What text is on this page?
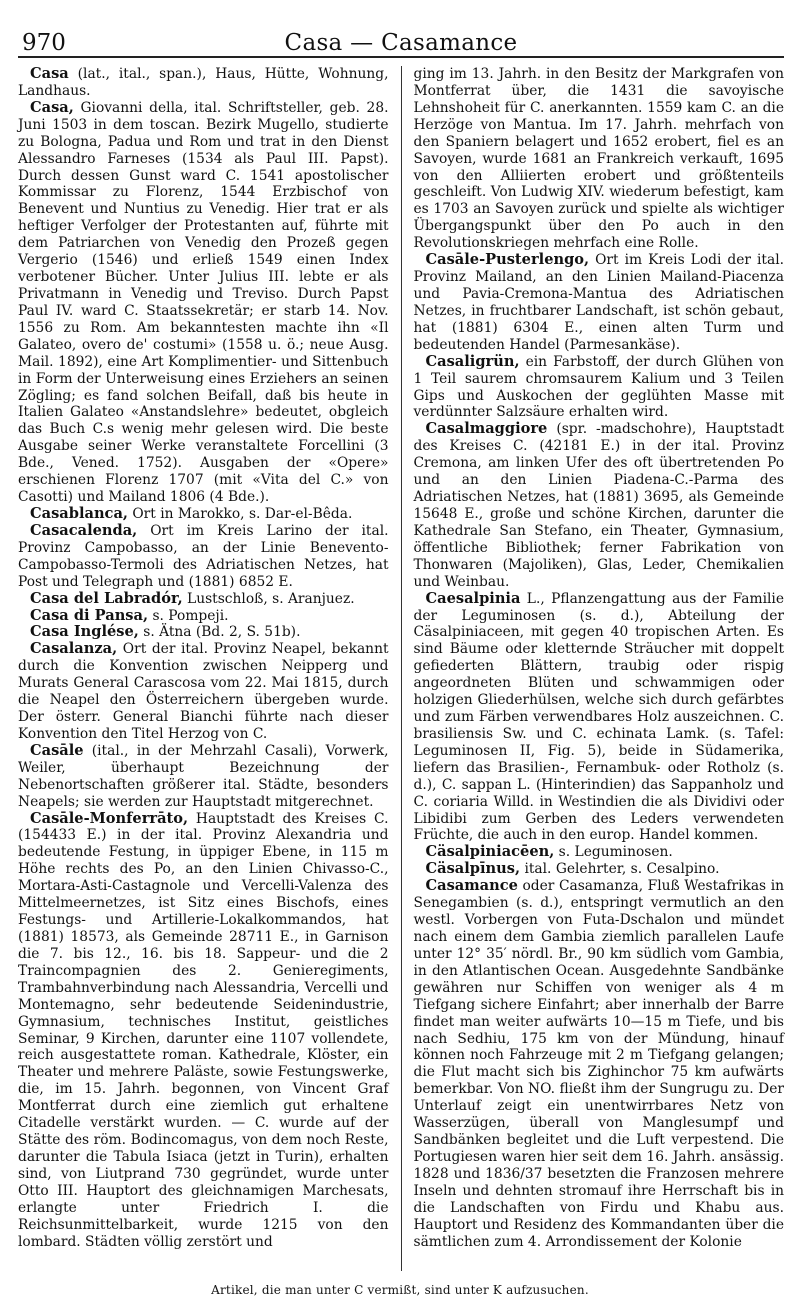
970	Casa — Casamance

Casa (lat., ital., span.), Haus, Hütte, Wohnung, Landhaus.

Casa, Giovanni della, ital. Schriftsteller, geb. 28. Juni 1503 in dem toscan. Bezirk Mugello, studierte zu Bologna, Padua und Rom und trat in den Dienst Alessandro Farneses (1534 als Paul III. Papst). Durch dessen Gunst ward C. 1541 apostolischer Kommissar zu Florenz, 1544 Erzbischof von Benevent und Nuntius zu Venedig. Hier trat er als heftiger Verfolger der Protestanten auf, führte mit dem Patriarchen von Venedig den Prozeß gegen Vergerio (1546) und erließ 1549 einen Index verbotener Bücher. Unter Julius III. lebte er als Privatmann in Venedig und Treviso. Durch Papst Paul IV. ward C. Staatssekretär; er starb 14. Nov. 1556 zu Rom. Am bekanntesten machte ihn «Il Galateo, overo de' costumi» (1558 u. ö.; neue Ausg. Mail. 1892), eine Art Komplimentier- und Sittenbuch in Form der Unterweisung eines Erziehers an seinen Zögling; es fand solchen Beifall, daß bis heute in Italien Galateo «Anstandslehre» bedeutet, obgleich das Buch C.s wenig mehr gelesen wird. Die beste Ausgabe seiner Werke veranstaltete Forcellini (3 Bde., Vened. 1752). Ausgaben der «Opere» erschienen Florenz 1707 (mit «Vita del C.» von Casotti) und Mailand 1806 (4 Bde.).

Casablanca, Ort in Marokko, s. Dar-el-Bêda.

Casacalenda, Ort im Kreis Larino der ital. Provinz Campobasso, an der Linie Benevento-Campobasso-Termoli des Adriatischen Netzes, hat Post und Telegraph und (1881) 6852 E.

Casa del Labradór, Lustschloß, s. Aranjuez.

Casa di Pansa, s. Pompeji.

Casa Inglése, s. Ätna (Bd. 2, S. 51b).

Casalanza, Ort der ital. Provinz Neapel, bekannt durch die Konvention zwischen Neipperg und Murats General Carascosa vom 22. Mai 1815, durch die Neapel den Österreichern übergeben wurde. Der österr. General Bianchi führte nach dieser Konvention den Titel Herzog von C.

Casāle (ital., in der Mehrzahl Casali), Vorwerk, Weiler, überhaupt Bezeichnung der Nebenortschaften größerer ital. Städte, besonders Neapels; sie werden zur Hauptstadt mitgerechnet.

Casāle-Monferrāto, Hauptstadt des Kreises C. (154433 E.) in der ital. Provinz Alexandria und bedeutende Festung, in üppiger Ebene, in 115 m Höhe rechts des Po, an den Linien Chivasso-C., Mortara-Asti-Castagnole und Vercelli-Valenza des Mittelmeernetzes, ist Sitz eines Bischofs, eines Festungs- und Artillerie-Lokalkommandos, hat (1881) 18573, als Gemeinde 28711 E., in Garnison die 7. bis 12., 16. bis 18. Sappeur- und die 2 Traincompagnien des 2. Genieregiments, Trambahnverbindung nach Alessandria, Vercelli und Montemagno, sehr bedeutende Seidenindustrie, Gymnasium, technisches Institut, geistliches Seminar, 9 Kirchen, darunter eine 1107 vollendete, reich ausgestattete roman. Kathedrale, Klöster, ein Theater und mehrere Paläste, sowie Festungswerke, die, im 15. Jahrh. begonnen, von Vincent Graf Montferrat durch eine ziemlich gut erhaltene Citadelle verstärkt wurden. — C. wurde auf der Stätte des röm. Bodincomagus, von dem noch Reste, darunter die Tabula Isiaca (jetzt in Turin), erhalten sind, von Liutprand 730 gegründet, wurde unter Otto III. Hauptort des gleichnamigen Marchesats, erlangte unter Friedrich I. die Reichsunmittelbarkeit, wurde 1215 von den lombard. Städten völlig zerstört und

ging im 13. Jahrh. in den Besitz der Markgrafen von Montferrat über, die 1431 die savoyische Lehnshoheit für C. anerkannten. 1559 kam C. an die Herzöge von Mantua. Im 17. Jahrh. mehrfach von den Spaniern belagert und 1652 erobert, fiel es an Savoyen, wurde 1681 an Frankreich verkauft, 1695 von den Alliierten erobert und größtenteils geschleift. Von Ludwig XIV. wiederum befestigt, kam es 1703 an Savoyen zurück und spielte als wichtiger Übergangspunkt über den Po auch in den Revolutionskriegen mehrfach eine Rolle.

Casāle-Pusterlengo, Ort im Kreis Lodi der ital. Provinz Mailand, an den Linien Mailand-Piacenza und Pavia-Cremona-Mantua des Adriatischen Netzes, in fruchtbarer Landschaft, ist schön gebaut, hat (1881) 6304 E., einen alten Turm und bedeutenden Handel (Parmesankäse).

Casaligrün, ein Farbstoff, der durch Glühen von 1 Teil saurem chromsaurem Kalium und 3 Teilen Gips und Auskochen der geglühten Masse mit verdünnter Salzsäure erhalten wird.

Casalmaggiore (spr. -madschohre), Hauptstadt des Kreises C. (42181 E.) in der ital. Provinz Cremona, am linken Ufer des oft übertretenden Po und an den Linien Piadena-C.-Parma des Adriatischen Netzes, hat (1881) 3695, als Gemeinde 15648 E., große und schöne Kirchen, darunter die Kathedrale San Stefano, ein Theater, Gymnasium, öffentliche Bibliothek; ferner Fabrikation von Thonwaren (Majoliken), Glas, Leder, Chemikalien und Weinbau.

Caesalpinia L., Pflanzengattung aus der Familie der Leguminosen (s. d.), Abteilung der Cäsalpiniaceen, mit gegen 40 tropischen Arten. Es sind Bäume oder kletternde Sträucher mit doppelt gefiederten Blättern, traubig oder rispig angeordneten Blüten und schwammigen oder holzigen Gliederhülsen, welche sich durch gefärbtes und zum Färben verwendbares Holz auszeichnen. C. brasiliensis Sw. und C. echinata Lamk. (s. Tafel: Leguminosen II, Fig. 5), beide in Südamerika, liefern das Brasilien-, Fernambuk- oder Rotholz (s. d.), C. sappan L. (Hinterindien) das Sappanholz und C. coriaria Willd. in Westindien die als Dividivi oder Libidibi zum Gerben des Leders verwendeten Früchte, die auch in den europ. Handel kommen.

Cäsalpiniacēen, s. Leguminosen.

Cäsalpīnus, ital. Gelehrter, s. Cesalpino.

Casamance oder Casamanza, Fluß Westafrikas in Senegambien (s. d.), entspringt vermutlich an den westl. Vorbergen von Futa-Dschalon und mündet nach einem dem Gambia ziemlich parallelen Laufe unter 12° 35′ nördl. Br., 90 km südlich vom Gambia, in den Atlantischen Ocean. Ausgedehnte Sandbänke gewähren nur Schiffen von weniger als 4 m Tiefgang sichere Einfahrt; aber innerhalb der Barre findet man weiter aufwärts 10—15 m Tiefe, und bis nach Sedhiu, 175 km von der Mündung, hinauf können noch Fahrzeuge mit 2 m Tiefgang gelangen; die Flut macht sich bis Zighinchor 75 km aufwärts bemerkbar. Von NO. fließt ihm der Sungrugu zu. Der Unterlauf zeigt ein unentwirrbares Netz von Wasserzügen, überall von Manglesumpf und Sandbänken begleitet und die Luft verpestend. Die Portugiesen waren hier seit dem 16. Jahrh. ansässig. 1828 und 1836/37 besetzten die Franzosen mehrere Inseln und dehnten stromauf ihre Herrschaft bis in die Landschaften von Firdu und Khabu aus. Hauptort und Residenz des Kommandanten über die sämtlichen zum 4. Arrondissement der Kolonie

Artikel, die man unter C vermißt, sind unter K aufzusuchen.
